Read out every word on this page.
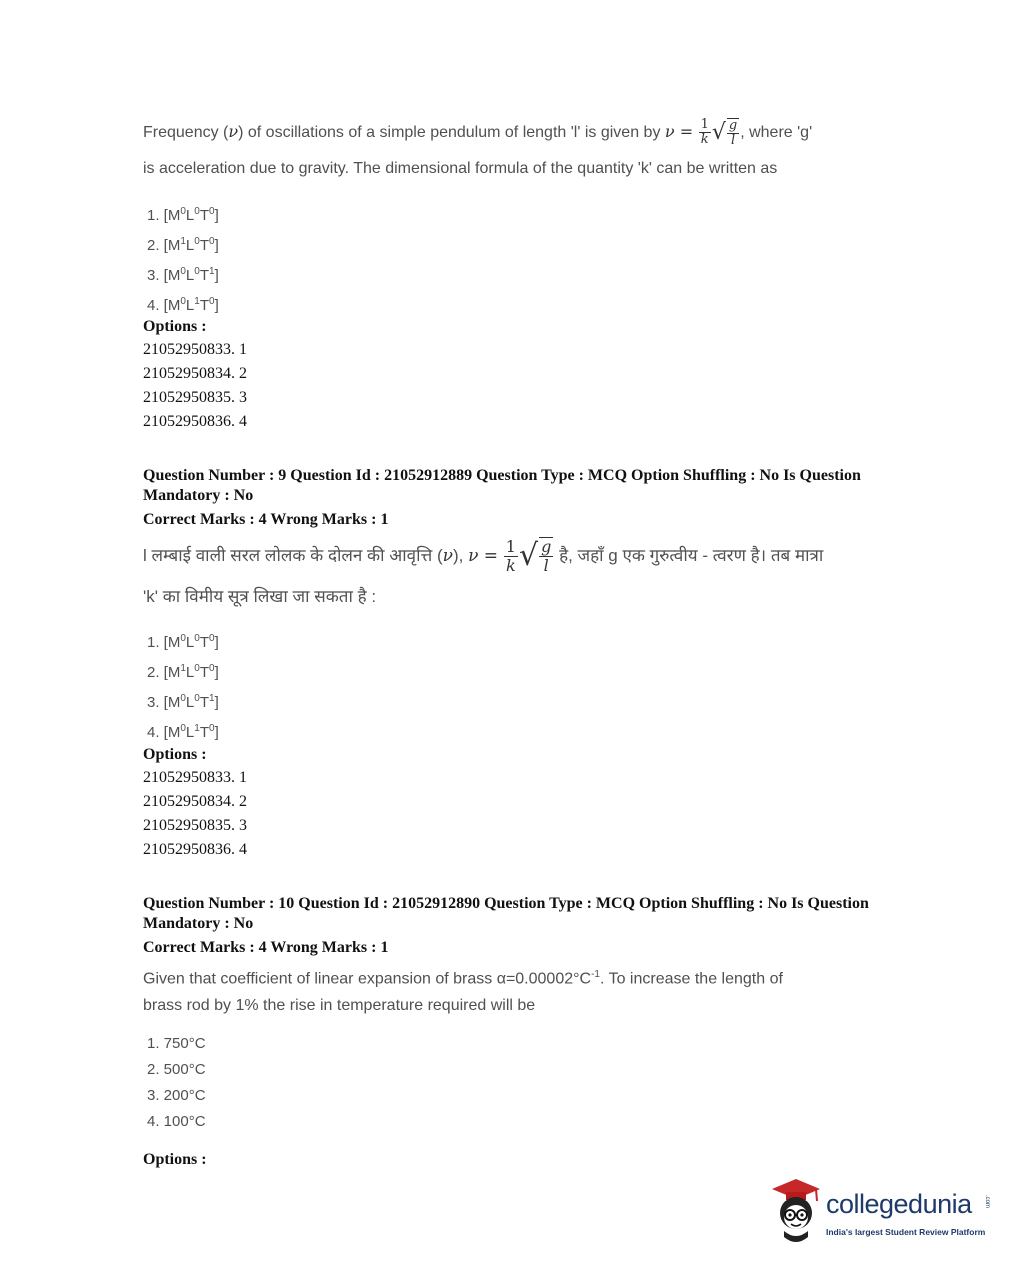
Frequency (ν) of oscillations of a simple pendulum of length 'l' is given by $\nu = \frac{1}{k}$ √ $\frac{g}{l}$ , where 'g'
is acceleration due to gravity. The dimensional formula of the quantity 'k' can be written as
1. $[M^0L^0T^0]$
2. $[M^1L^0T^0]$
3. $[M^0L^0T^1]$
4. $[M^0L^1T^0]$
Options :
21052950833. 1
21052950834. 2
21052950835. 3
21052950836. 4
Question Number : 9 Question Id : 21052912889 Question Type : MCQ Option Shuffling : No Is Question Mandatory : No
Correct Marks : 4 Wrong Marks : 1
l लम्बाई वाली सरल लोलक के दोलन की आवृत्ति (ν), $\nu = \frac{1}{k}$ √ $\frac{g}{l}$ है, जहाँ g एक गुरुत्वीय - त्वरण है। तब मात्रा
'k' का विमीय सूत्र लिखा जा सकता है :
1. $[M^0L^0T^0]$
2. $[M^1L^0T^0]$
3. $[M^0L^0T^1]$
4. $[M^0L^1T^0]$
Options :
21052950833. 1
21052950834. 2
21052950835. 3
21052950836. 4
Question Number : 10 Question Id : 21052912890 Question Type : MCQ Option Shuffling : No Is Question Mandatory : No
Correct Marks : 4 Wrong Marks : 1
Given that coefficient of linear expansion of brass $\alpha=0.00002^\circ C^{-1}$. To increase the length of
brass rod by 1% the rise in temperature required will be
1. 750°C
2. 500°C
3. 200°C
4. 100°C
Options :
collegedunia .com
India's largest Student Review Platform
